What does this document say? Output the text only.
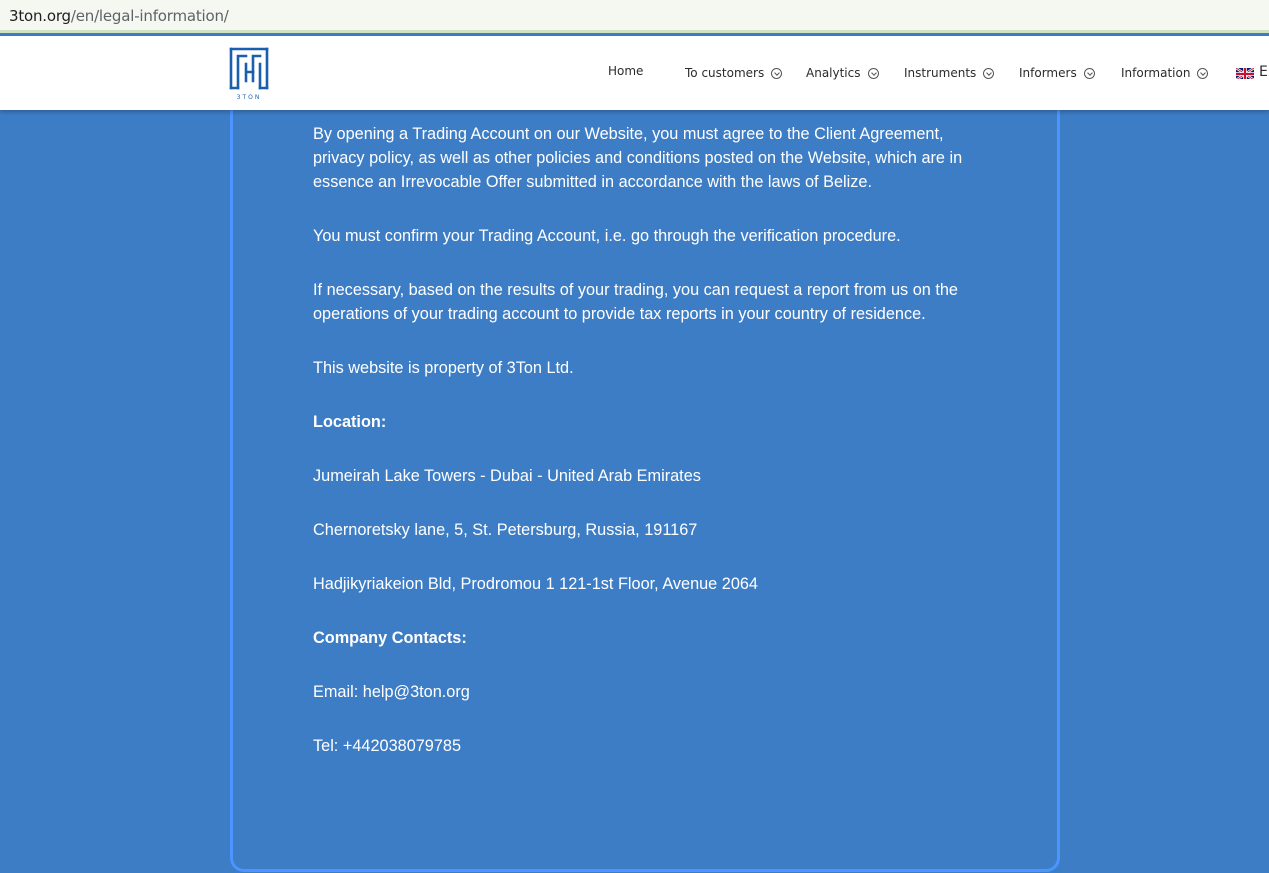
3ton.org/en/legal-information/
3TON
Home	To customers	Analytics	Instruments	Informers	Information	E

By opening a Trading Account on our Website, you must agree to the Client Agreement, privacy policy, as well as other policies and conditions posted on the Website, which are in essence an Irrevocable Offer submitted in accordance with the laws of Belize.

You must confirm your Trading Account, i.e. go through the verification procedure.

If necessary, based on the results of your trading, you can request a report from us on the operations of your trading account to provide tax reports in your country of residence.

This website is property of 3Ton Ltd.

Location:

Jumeirah Lake Towers - Dubai - United Arab Emirates

Chernoretsky lane, 5, St. Petersburg, Russia, 191167

Hadjikyriakeion Bld, Prodromou 1 121-1st Floor, Avenue 2064

Company Contacts:

Email: help@3ton.org

Tel: +442038079785
